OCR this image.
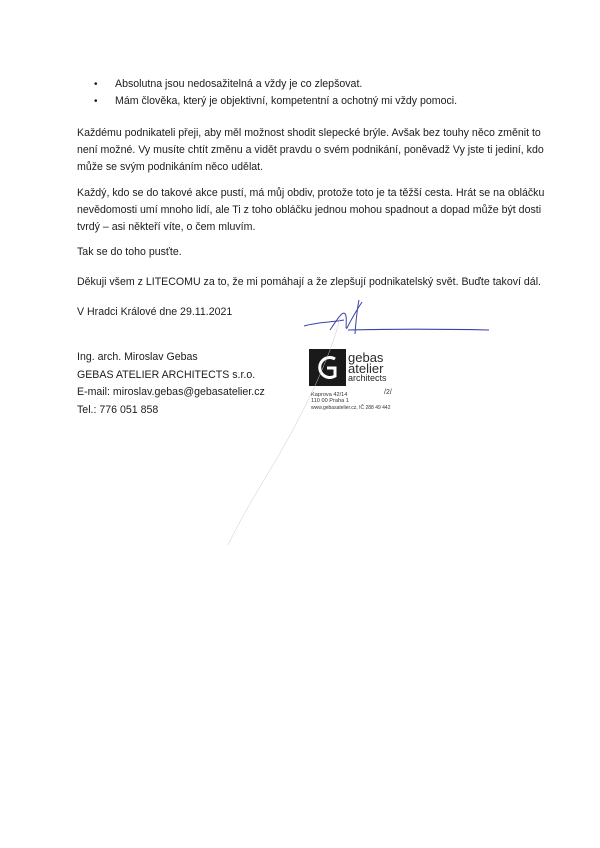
• Absolutna jsou nedosažitelná a vždy je co zlepšovat.
• Mám člověka, který je objektivní, kompetentní a ochotný mi vždy pomoci.
Každému podnikateli přeji, aby měl možnost shodit slepecké brýle. Avšak bez touhy něco změnit to
není možné. Vy musíte chtít změnu a vidět pravdu o svém podnikání, poněvadž Vy jste ti jediní, kdo
může se svým podnikáním něco udělat.
Každý, kdo se do takové akce pustí, má můj obdiv, protože toto je ta těžší cesta. Hrát se na obláčku
nevědomosti umí mnoho lidí, ale Ti z toho obláčku jednou mohou spadnout a dopad může být dosti
tvrdý – asi někteří víte, o čem mluvím.
Tak se do toho pusťte.
Děkuji všem z LITECOMU za to, že mi pomáhají a že zlepšují podnikatelský svět. Buďte takoví dál.
V Hradci Králové dne 29.11.2021
Ing. arch. Miroslav Gebas
GEBAS ATELIER ARCHITECTS s.r.o.
E-mail: miroslav.gebas@gebasatelier.cz
Tel.: 776 051 858
gebas
atelier
architects
Kaprova 42/14	/2/
110 00 Praha 1
www.gebasatelier.cz, IČ 288 49 442
